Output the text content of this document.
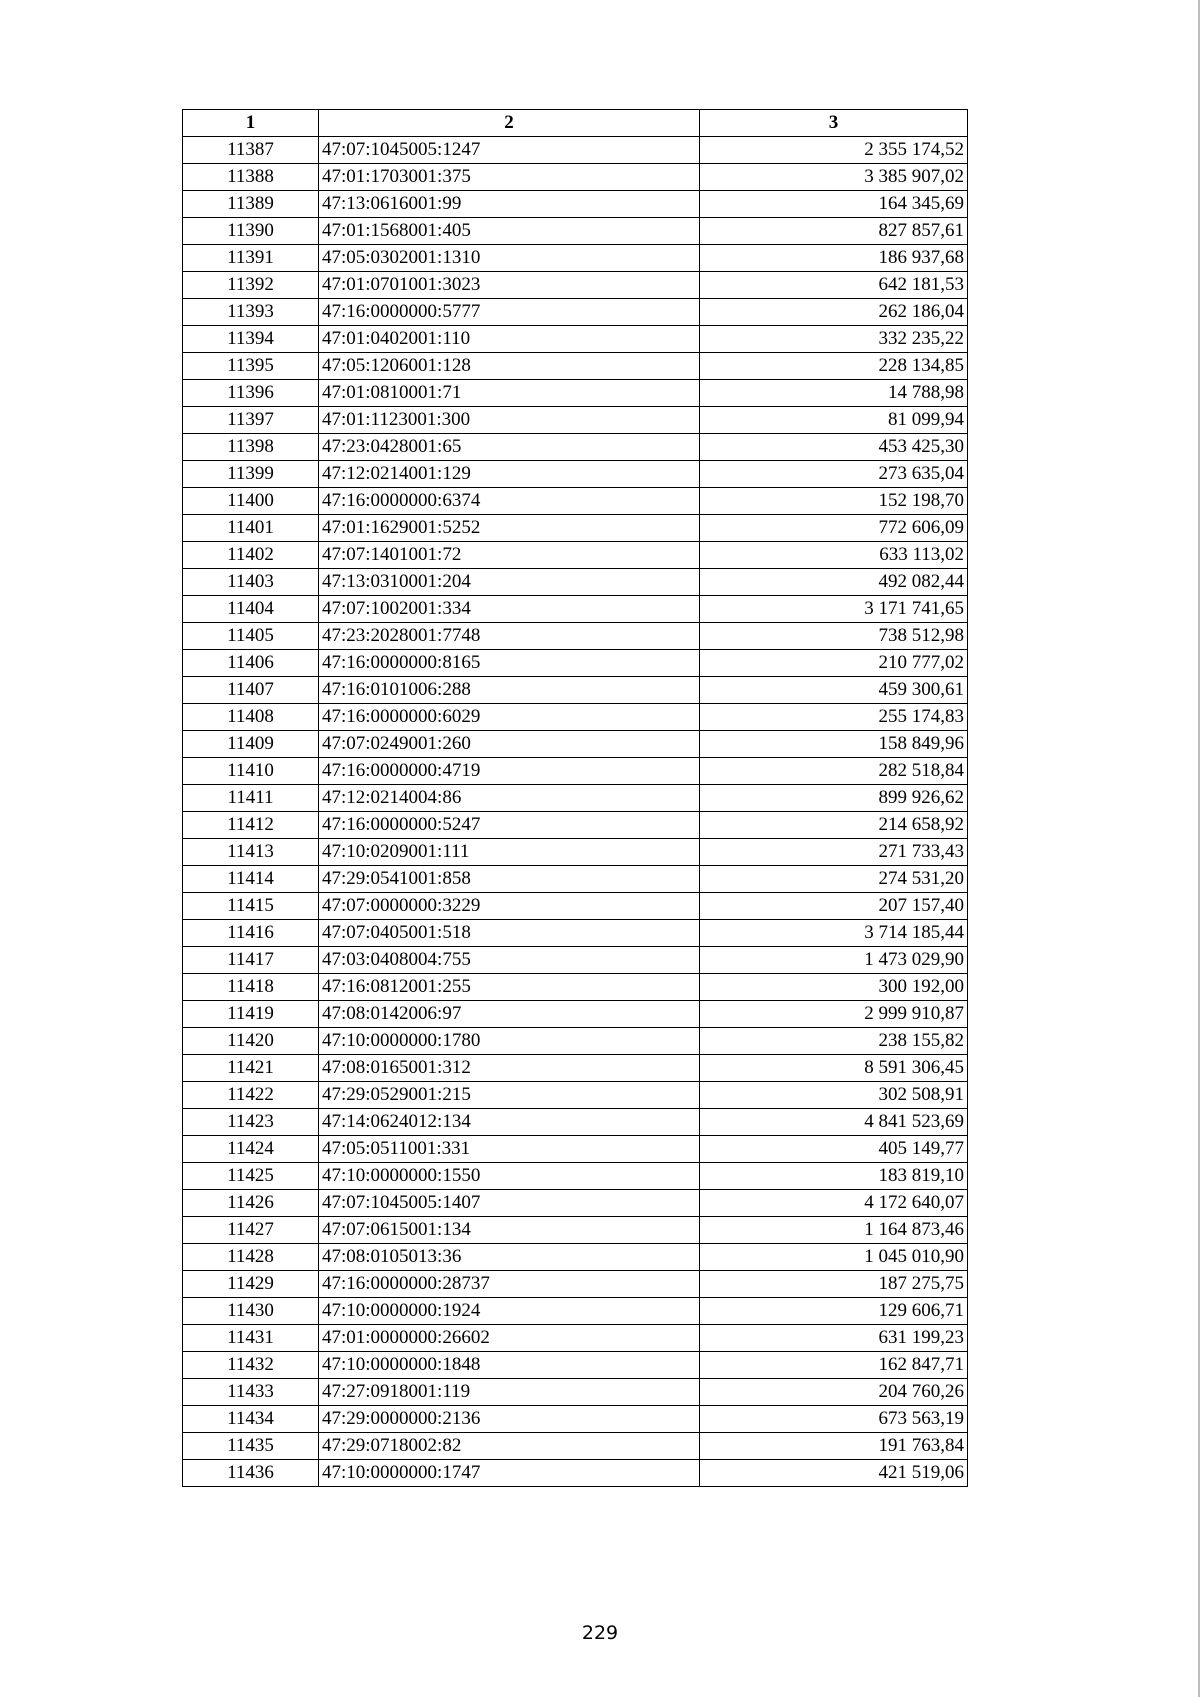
1	2	3
11387	47:07:1045005:1247	2 355 174,52
11388	47:01:1703001:375	3 385 907,02
11389	47:13:0616001:99	164 345,69
11390	47:01:1568001:405	827 857,61
11391	47:05:0302001:1310	186 937,68
11392	47:01:0701001:3023	642 181,53
11393	47:16:0000000:5777	262 186,04
11394	47:01:0402001:110	332 235,22
11395	47:05:1206001:128	228 134,85
11396	47:01:0810001:71	14 788,98
11397	47:01:1123001:300	81 099,94
11398	47:23:0428001:65	453 425,30
11399	47:12:0214001:129	273 635,04
11400	47:16:0000000:6374	152 198,70
11401	47:01:1629001:5252	772 606,09
11402	47:07:1401001:72	633 113,02
11403	47:13:0310001:204	492 082,44
11404	47:07:1002001:334	3 171 741,65
11405	47:23:2028001:7748	738 512,98
11406	47:16:0000000:8165	210 777,02
11407	47:16:0101006:288	459 300,61
11408	47:16:0000000:6029	255 174,83
11409	47:07:0249001:260	158 849,96
11410	47:16:0000000:4719	282 518,84
11411	47:12:0214004:86	899 926,62
11412	47:16:0000000:5247	214 658,92
11413	47:10:0209001:111	271 733,43
11414	47:29:0541001:858	274 531,20
11415	47:07:0000000:3229	207 157,40
11416	47:07:0405001:518	3 714 185,44
11417	47:03:0408004:755	1 473 029,90
11418	47:16:0812001:255	300 192,00
11419	47:08:0142006:97	2 999 910,87
11420	47:10:0000000:1780	238 155,82
11421	47:08:0165001:312	8 591 306,45
11422	47:29:0529001:215	302 508,91
11423	47:14:0624012:134	4 841 523,69
11424	47:05:0511001:331	405 149,77
11425	47:10:0000000:1550	183 819,10
11426	47:07:1045005:1407	4 172 640,07
11427	47:07:0615001:134	1 164 873,46
11428	47:08:0105013:36	1 045 010,90
11429	47:16:0000000:28737	187 275,75
11430	47:10:0000000:1924	129 606,71
11431	47:01:0000000:26602	631 199,23
11432	47:10:0000000:1848	162 847,71
11433	47:27:0918001:119	204 760,26
11434	47:29:0000000:2136	673 563,19
11435	47:29:0718002:82	191 763,84
11436	47:10:0000000:1747	421 519,06
229
